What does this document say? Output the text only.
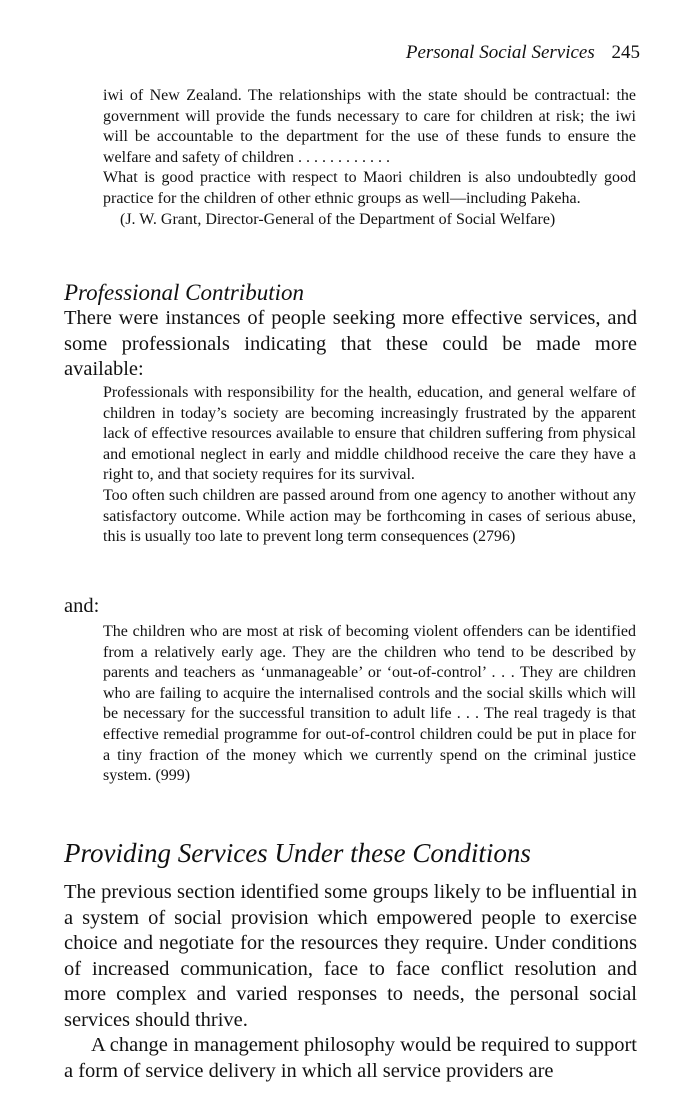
Personal Social Services 245

iwi of New Zealand. The relationships with the state should be contractual: the government will provide the funds necessary to care for children at risk; the iwi will be accountable to the department for the use of these funds to ensure the welfare and safety of children . . . . . . . . . . . .

What is good practice with respect to Maori children is also undoubtedly good practice for the children of other ethnic groups as well—including Pakeha.

(J. W. Grant, Director-General of the Department of Social Welfare)

Professional Contribution

There were instances of people seeking more effective services, and some professionals indicating that these could be made more available:

Professionals with responsibility for the health, education, and general welfare of children in today’s society are becoming increasingly frustrated by the apparent lack of effective resources available to ensure that children suffering from physical and emotional neglect in early and middle childhood receive the care they have a right to, and that society requires for its survival.

Too often such children are passed around from one agency to another without any satisfactory outcome. While action may be forthcoming in cases of serious abuse, this is usually too late to prevent long term consequences (2796)

and:

The children who are most at risk of becoming violent offenders can be identified from a relatively early age. They are the children who tend to be described by parents and teachers as ‘unmanageable’ or ‘out-of-control’ . . . They are children who are failing to acquire the internalised controls and the social skills which will be necessary for the successful transition to adult life . . . The real tragedy is that effective remedial programme for out-of-control children could be put in place for a tiny fraction of the money which we currently spend on the criminal justice system. (999)

Providing Services Under these Conditions

The previous section identified some groups likely to be influential in a system of social provision which empowered people to exercise choice and negotiate for the resources they require. Under conditions of increased communication, face to face conflict resolution and more complex and varied responses to needs, the personal social services should thrive.

A change in management philosophy would be required to support a form of service delivery in which all service providers are
